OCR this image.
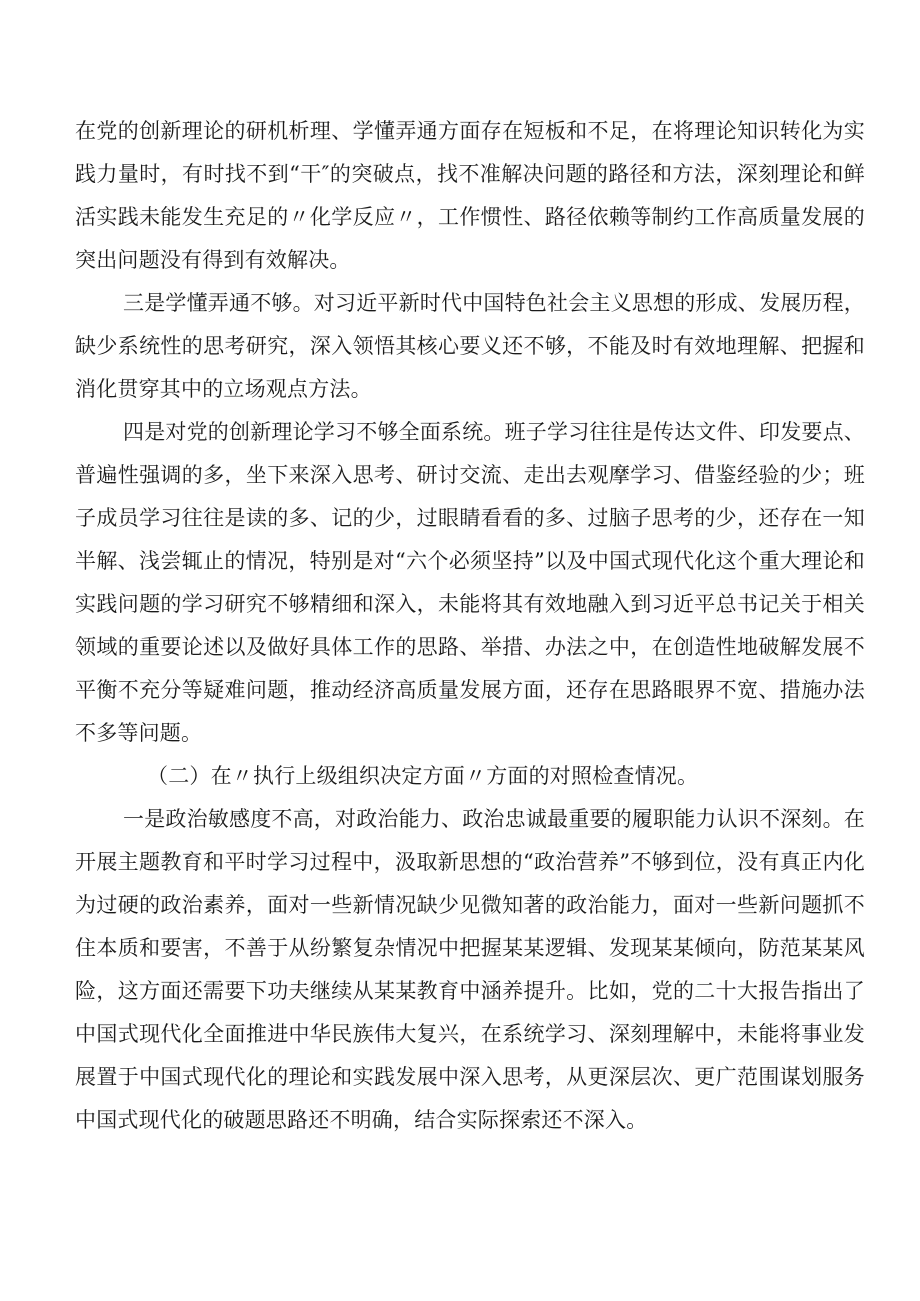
在党的创新理论的研机析理、学懂弄通方面存在短板和不足，在将理论知识转化为实践力量时，有时找不到“干″的突破点，找不准解决问题的路径和方法，深刻理论和鲜活实践未能发生充足的〃化学反应〃，工作惯性、路径依赖等制约工作高质量发展的突出问题没有得到有效解决。

三是学懂弄通不够。对习近平新时代中国特色社会主义思想的形成、发展历程，缺少系统性的思考研究，深入领悟其核心要义还不够，不能及时有效地理解、把握和消化贯穿其中的立场观点方法。

四是对党的创新理论学习不够全面系统。班子学习往往是传达文件、印发要点、普遍性强调的多，坐下来深入思考、研讨交流、走出去观摩学习、借鉴经验的少；班子成员学习往往是读的多、记的少，过眼睛看看的多、过脑子思考的少，还存在一知半解、浅尝辄止的情况，特别是对“六个必须坚持”以及中国式现代化这个重大理论和实践问题的学习研究不够精细和深入，未能将其有效地融入到习近平总书记关于相关领域的重要论述以及做好具体工作的思路、举措、办法之中，在创造性地破解发展不平衡不充分等疑难问题，推动经济高质量发展方面，还存在思路眼界不宽、措施办法不多等问题。

（二）在〃执行上级组织决定方面〃方面的对照检查情况。

一是政治敏感度不高，对政治能力、政治忠诚最重要的履职能力认识不深刻。在开展主题教育和平时学习过程中，汲取新思想的“政治营养”不够到位，没有真正内化为过硬的政治素养，面对一些新情况缺少见微知著的政治能力，面对一些新问题抓不住本质和要害，不善于从纷繁复杂情况中把握某某逻辑、发现某某倾向，防范某某风险，这方面还需要下功夫继续从某某教育中涵养提升。比如，党的二十大报告指出了中国式现代化全面推进中华民族伟大复兴，在系统学习、深刻理解中，未能将事业发展置于中国式现代化的理论和实践发展中深入思考，从更深层次、更广范围谋划服务中国式现代化的破题思路还不明确，结合实际探索还不深入。
